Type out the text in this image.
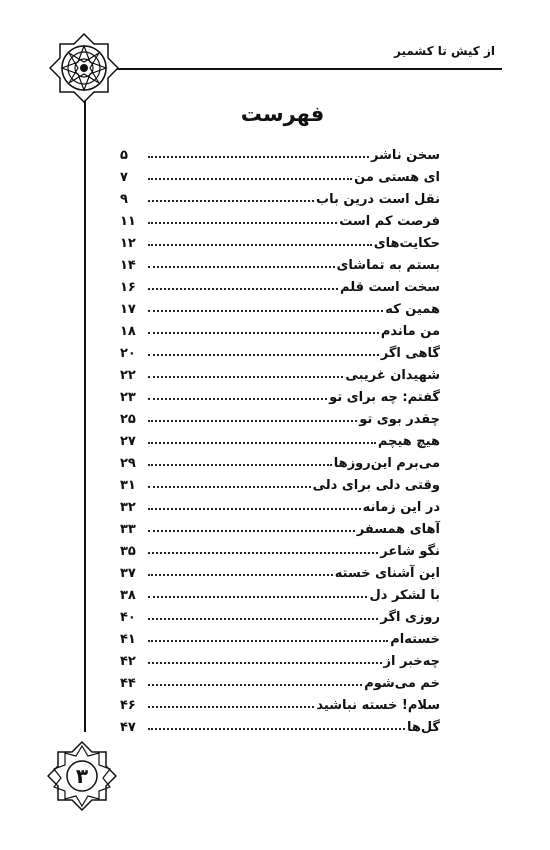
از کیش تا کشمیر
۳
فهرست
سخن ناشر
۵
ای هستی من
۷
نقل است درین باب
۹
فرصت کم است
۱۱
حکایت‌های
۱۲
بستم به تماشای
۱۴
سخت است قلم
۱۶
همین که
۱۷
من ماندم
۱۸
گاهی اگر
۲۰
شهیدان غریبی
۲۲
گفتم: چه برای تو
۲۳
چقدر بوی تو
۲۵
هیچ هیچم
۲۷
می‌برم این‌روزها
۲۹
وقتی دلی برای دلی
۳۱
در این زمانه
۳۲
آهای همسفر
۳۳
نگو شاعر
۳۵
این آشنای خسته
۳۷
با لشکر دل
۳۸
روزی اگر
۴۰
خسته‌ام
۴۱
چه‌خبر از
۴۲
خم می‌شوم
۴۴
سلام! خسته نباشید
۴۶
گل‌ها
۴۷
